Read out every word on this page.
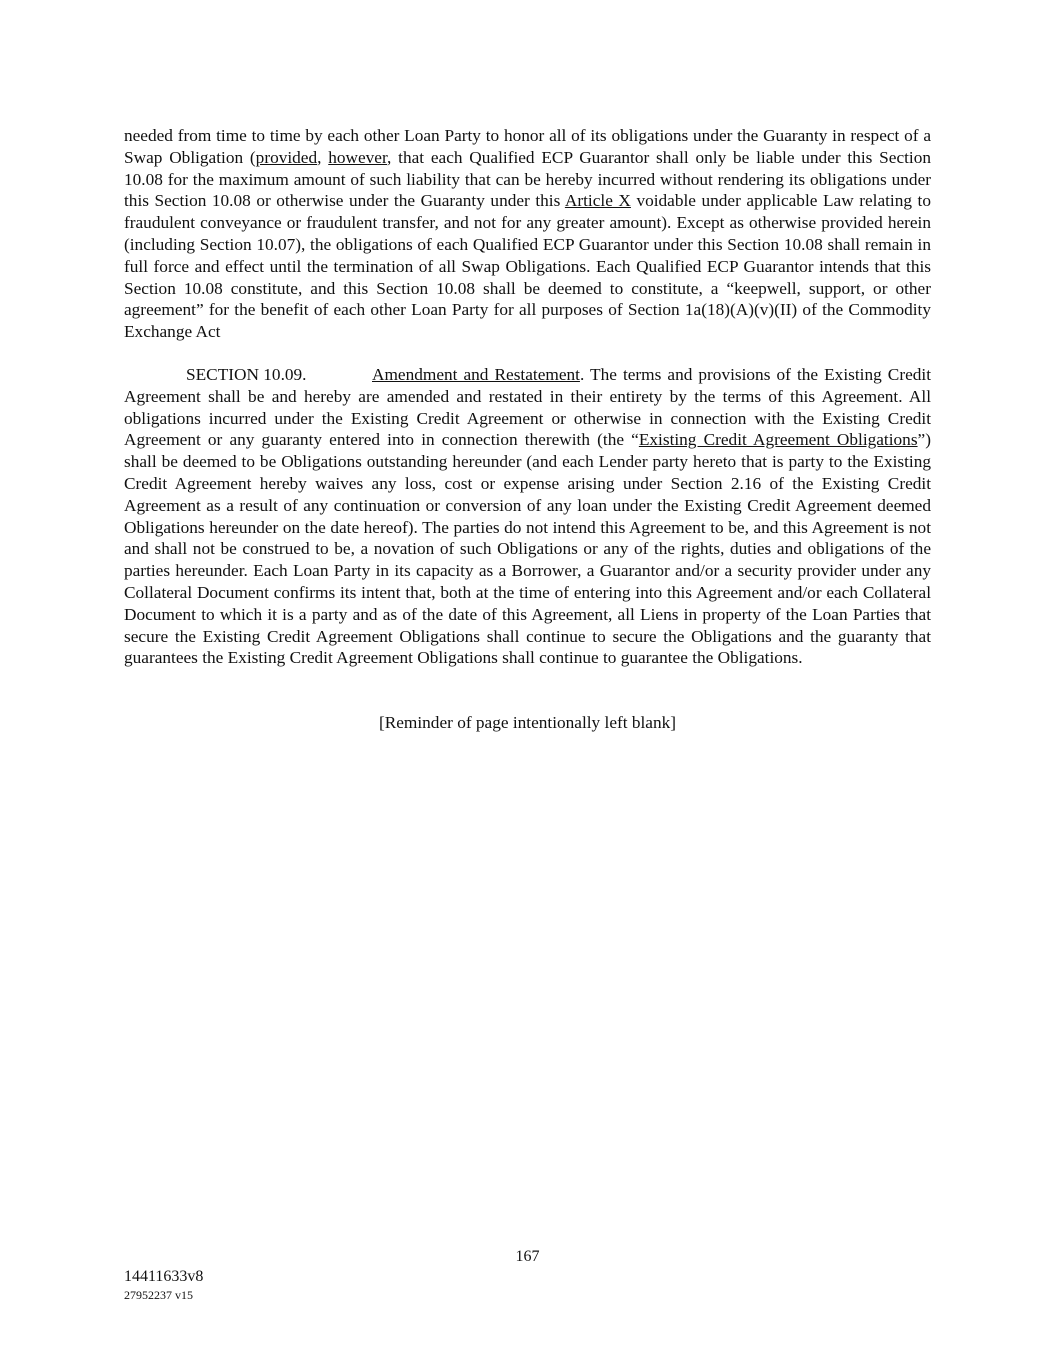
needed from time to time by each other Loan Party to honor all of its obligations under the Guaranty in respect of a Swap Obligation (provided, however, that each Qualified ECP Guarantor shall only be liable under this Section 10.08 for the maximum amount of such liability that can be hereby incurred without rendering its obligations under this Section 10.08 or otherwise under the Guaranty under this Article X voidable under applicable Law relating to fraudulent conveyance or fraudulent transfer, and not for any greater amount). Except as otherwise provided herein (including Section 10.07), the obligations of each Qualified ECP Guarantor under this Section 10.08 shall remain in full force and effect until the termination of all Swap Obligations. Each Qualified ECP Guarantor intends that this Section 10.08 constitute, and this Section 10.08 shall be deemed to constitute, a “keepwell, support, or other agreement” for the benefit of each other Loan Party for all purposes of Section 1a(18)(A)(v)(II) of the Commodity Exchange Act

SECTION 10.09.	Amendment and Restatement. The terms and provisions of the Existing Credit Agreement shall be and hereby are amended and restated in their entirety by the terms of this Agreement. All obligations incurred under the Existing Credit Agreement or otherwise in connection with the Existing Credit Agreement or any guaranty entered into in connection therewith (the “Existing Credit Agreement Obligations”) shall be deemed to be Obligations outstanding hereunder (and each Lender party hereto that is party to the Existing Credit Agreement hereby waives any loss, cost or expense arising under Section 2.16 of the Existing Credit Agreement as a result of any continuation or conversion of any loan under the Existing Credit Agreement deemed Obligations hereunder on the date hereof). The parties do not intend this Agreement to be, and this Agreement is not and shall not be construed to be, a novation of such Obligations or any of the rights, duties and obligations of the parties hereunder. Each Loan Party in its capacity as a Borrower, a Guarantor and/or a security provider under any Collateral Document confirms its intent that, both at the time of entering into this Agreement and/or each Collateral Document to which it is a party and as of the date of this Agreement, all Liens in property of the Loan Parties that secure the Existing Credit Agreement Obligations shall continue to secure the Obligations and the guaranty that guarantees the Existing Credit Agreement Obligations shall continue to guarantee the Obligations.

[Reminder of page intentionally left blank]
167
14411633v8
27952237 v15
